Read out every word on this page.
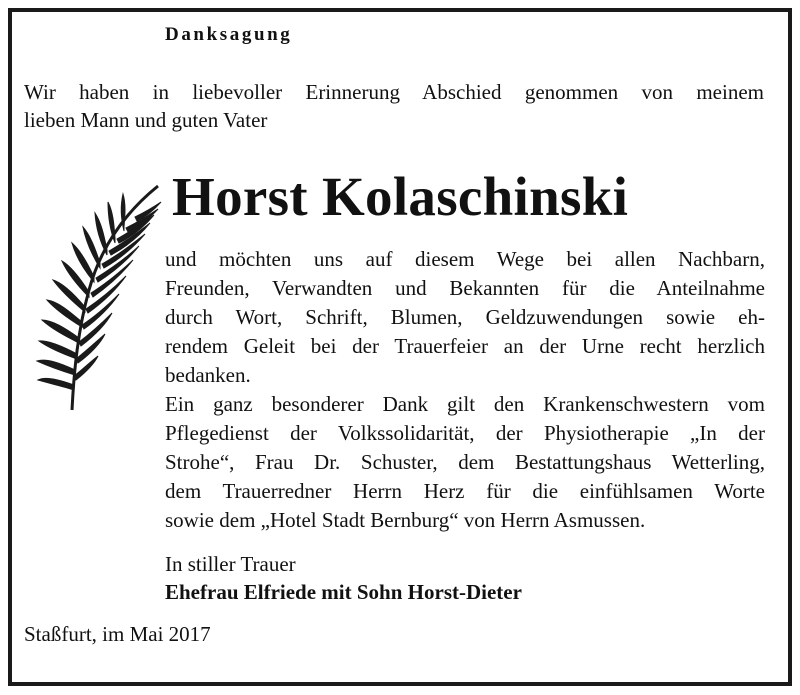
Danksagung
Wir haben in liebevoller Erinnerung Abschied genommen von meinem
lieben Mann und guten Vater
Horst Kolaschinski
und möchten uns auf diesem Wege bei allen Nachbarn,
Freunden, Verwandten und Bekannten für die Anteilnahme
durch Wort, Schrift, Blumen, Geldzuwendungen sowie eh-
rendem Geleit bei der Trauerfeier an der Urne recht herzlich
bedanken.
Ein ganz besonderer Dank gilt den Krankenschwestern vom
Pflegedienst der Volkssolidarität, der Physiotherapie „In der
Strohe“, Frau Dr. Schuster, dem Bestattungshaus Wetterling,
dem Trauerredner Herrn Herz für die einfühlsamen Worte
sowie dem „Hotel Stadt Bernburg“ von Herrn Asmussen.
In stiller Trauer
Ehefrau Elfriede mit Sohn Horst-Dieter
Staßfurt, im Mai 2017
